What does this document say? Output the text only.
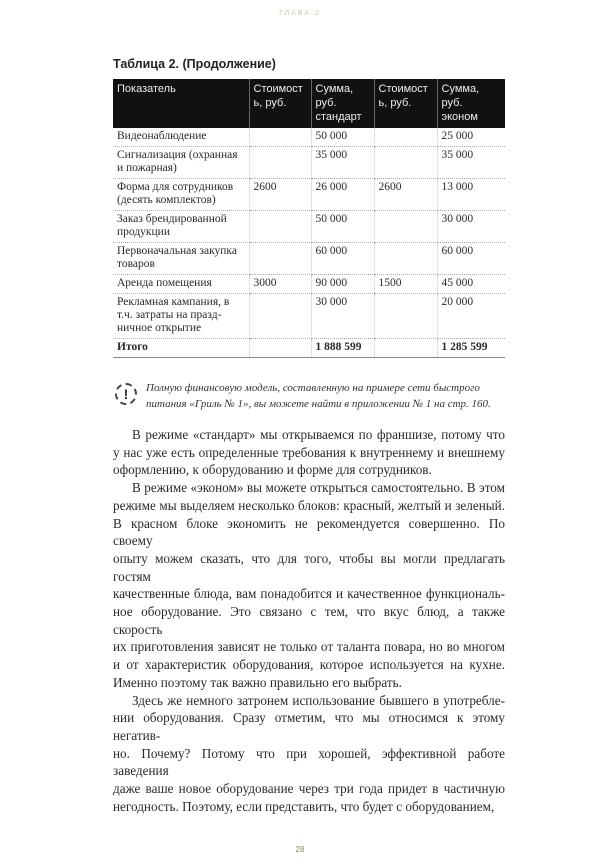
ГЛАВА 2
Таблица 2. (Продолжение)
Показатель	Стоимость, руб.	Сумма, руб. стандарт	Стоимость, руб.	Сумма, руб. эконом
Видеонаблюдение		50 000		25 000
Сигнализация (охранная и пожарная)		35 000		35 000
Форма для сотрудников (десять комплектов)	2600	26 000	2600	13 000
Заказ брендированной продукции		50 000		30 000
Первоначальная закупка товаров		60 000		60 000
Аренда помещения	3000	90 000	1500	45 000
Рекламная кампания, в т.ч. затраты на празд-ничное открытие		30 000		20 000
Итого		1 888 599		1 285 599
!	Полную финансовую модель, составленную на примере сети быстрого питания «Гриль № 1», вы можете найти в приложении № 1 на стр. 160.
В режиме «стандарт» мы открываемся по франшизе, потому что
у нас уже есть определенные требования к внутреннему и внешнему
оформлению, к оборудованию и форме для сотрудников.
В режиме «эконом» вы можете открыться самостоятельно. В этом
режиме мы выделяем несколько блоков: красный, желтый и зеленый.
В красном блоке экономить не рекомендуется совершенно. По своему
опыту можем сказать, что для того, чтобы вы могли предлагать гостям
качественные блюда, вам понадобится и качественное функциональ-
ное оборудование. Это связано с тем, что вкус блюд, а также скорость
их приготовления зависят не только от таланта повара, но во многом
и от характеристик оборудования, которое используется на кухне.
Именно поэтому так важно правильно его выбрать.
Здесь же немного затронем использование бывшего в употребле-
нии оборудования. Сразу отметим, что мы относимся к этому негатив-
но. Почему? Потому что при хорошей, эффективной работе заведения
даже ваше новое оборудование через три года придет в частичную
негодность. Поэтому, если представить, что будет с оборудованием,
28
